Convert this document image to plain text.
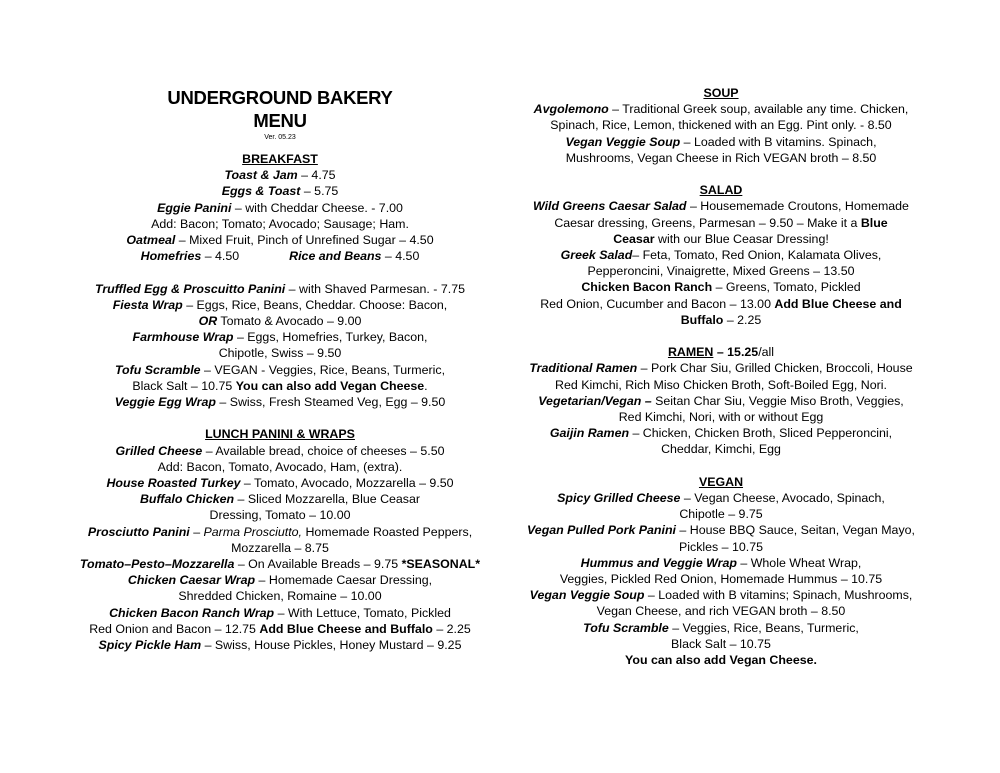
UNDERGROUND BAKERY
MENU
Ver. 05.23
BREAKFAST
Toast & Jam – 4.75
Eggs & Toast – 5.75
Eggie Panini – with Cheddar Cheese. - 7.00
Add: Bacon; Tomato; Avocado; Sausage; Ham.
Oatmeal – Mixed Fruit, Pinch of Unrefined Sugar – 4.50
Homefries – 4.50	Rice and Beans – 4.50
Truffled Egg & Proscuitto Panini – with Shaved Parmesan. - 7.75
Fiesta Wrap – Eggs, Rice, Beans, Cheddar. Choose: Bacon,
OR Tomato & Avocado – 9.00
Farmhouse Wrap – Eggs, Homefries, Turkey, Bacon,
Chipotle, Swiss – 9.50
Tofu Scramble – VEGAN - Veggies, Rice, Beans, Turmeric,
Black Salt – 10.75 You can also add Vegan Cheese.
Veggie Egg Wrap – Swiss, Fresh Steamed Veg, Egg – 9.50
LUNCH PANINI & WRAPS
Grilled Cheese – Available bread, choice of cheeses – 5.50
Add: Bacon, Tomato, Avocado, Ham, (extra).
House Roasted Turkey – Tomato, Avocado, Mozzarella – 9.50
Buffalo Chicken – Sliced Mozzarella, Blue Ceasar
Dressing, Tomato – 10.00
Prosciutto Panini – Parma Prosciutto, Homemade Roasted Peppers,
Mozzarella – 8.75
Tomato–Pesto–Mozzarella – On Available Breads – 9.75 *SEASONAL*
Chicken Caesar Wrap – Homemade Caesar Dressing,
Shredded Chicken, Romaine – 10.00
Chicken Bacon Ranch Wrap – With Lettuce, Tomato, Pickled
Red Onion and Bacon – 12.75 Add Blue Cheese and Buffalo – 2.25
Spicy Pickle Ham – Swiss, House Pickles, Honey Mustard – 9.25
SOUP
Avgolemono – Traditional Greek soup, available any time. Chicken,
Spinach, Rice, Lemon, thickened with an Egg. Pint only. - 8.50
Vegan Veggie Soup – Loaded with B vitamins. Spinach,
Mushrooms, Vegan Cheese in Rich VEGAN broth – 8.50
SALAD
Wild Greens Caesar Salad – Housememade Croutons, Homemade
Caesar dressing, Greens, Parmesan – 9.50 – Make it a Blue
Ceasar with our Blue Ceasar Dressing!
Greek Salad– Feta, Tomato, Red Onion, Kalamata Olives,
Pepperoncini, Vinaigrette, Mixed Greens – 13.50
Chicken Bacon Ranch – Greens, Tomato, Pickled
Red Onion, Cucumber and Bacon – 13.00 Add Blue Cheese and
Buffalo – 2.25
RAMEN – 15.25/all
Traditional Ramen – Pork Char Siu, Grilled Chicken, Broccoli, House
Red Kimchi, Rich Miso Chicken Broth, Soft-Boiled Egg, Nori.
Vegetarian/Vegan – Seitan Char Siu, Veggie Miso Broth, Veggies,
Red Kimchi, Nori, with or without Egg
Gaijin Ramen – Chicken, Chicken Broth, Sliced Pepperoncini,
Cheddar, Kimchi, Egg
VEGAN
Spicy Grilled Cheese – Vegan Cheese, Avocado, Spinach,
Chipotle – 9.75
Vegan Pulled Pork Panini – House BBQ Sauce, Seitan, Vegan Mayo,
Pickles – 10.75
Hummus and Veggie Wrap – Whole Wheat Wrap,
Veggies, Pickled Red Onion, Homemade Hummus – 10.75
Vegan Veggie Soup – Loaded with B vitamins; Spinach, Mushrooms,
Vegan Cheese, and rich VEGAN broth – 8.50
Tofu Scramble – Veggies, Rice, Beans, Turmeric,
Black Salt – 10.75
You can also add Vegan Cheese.
